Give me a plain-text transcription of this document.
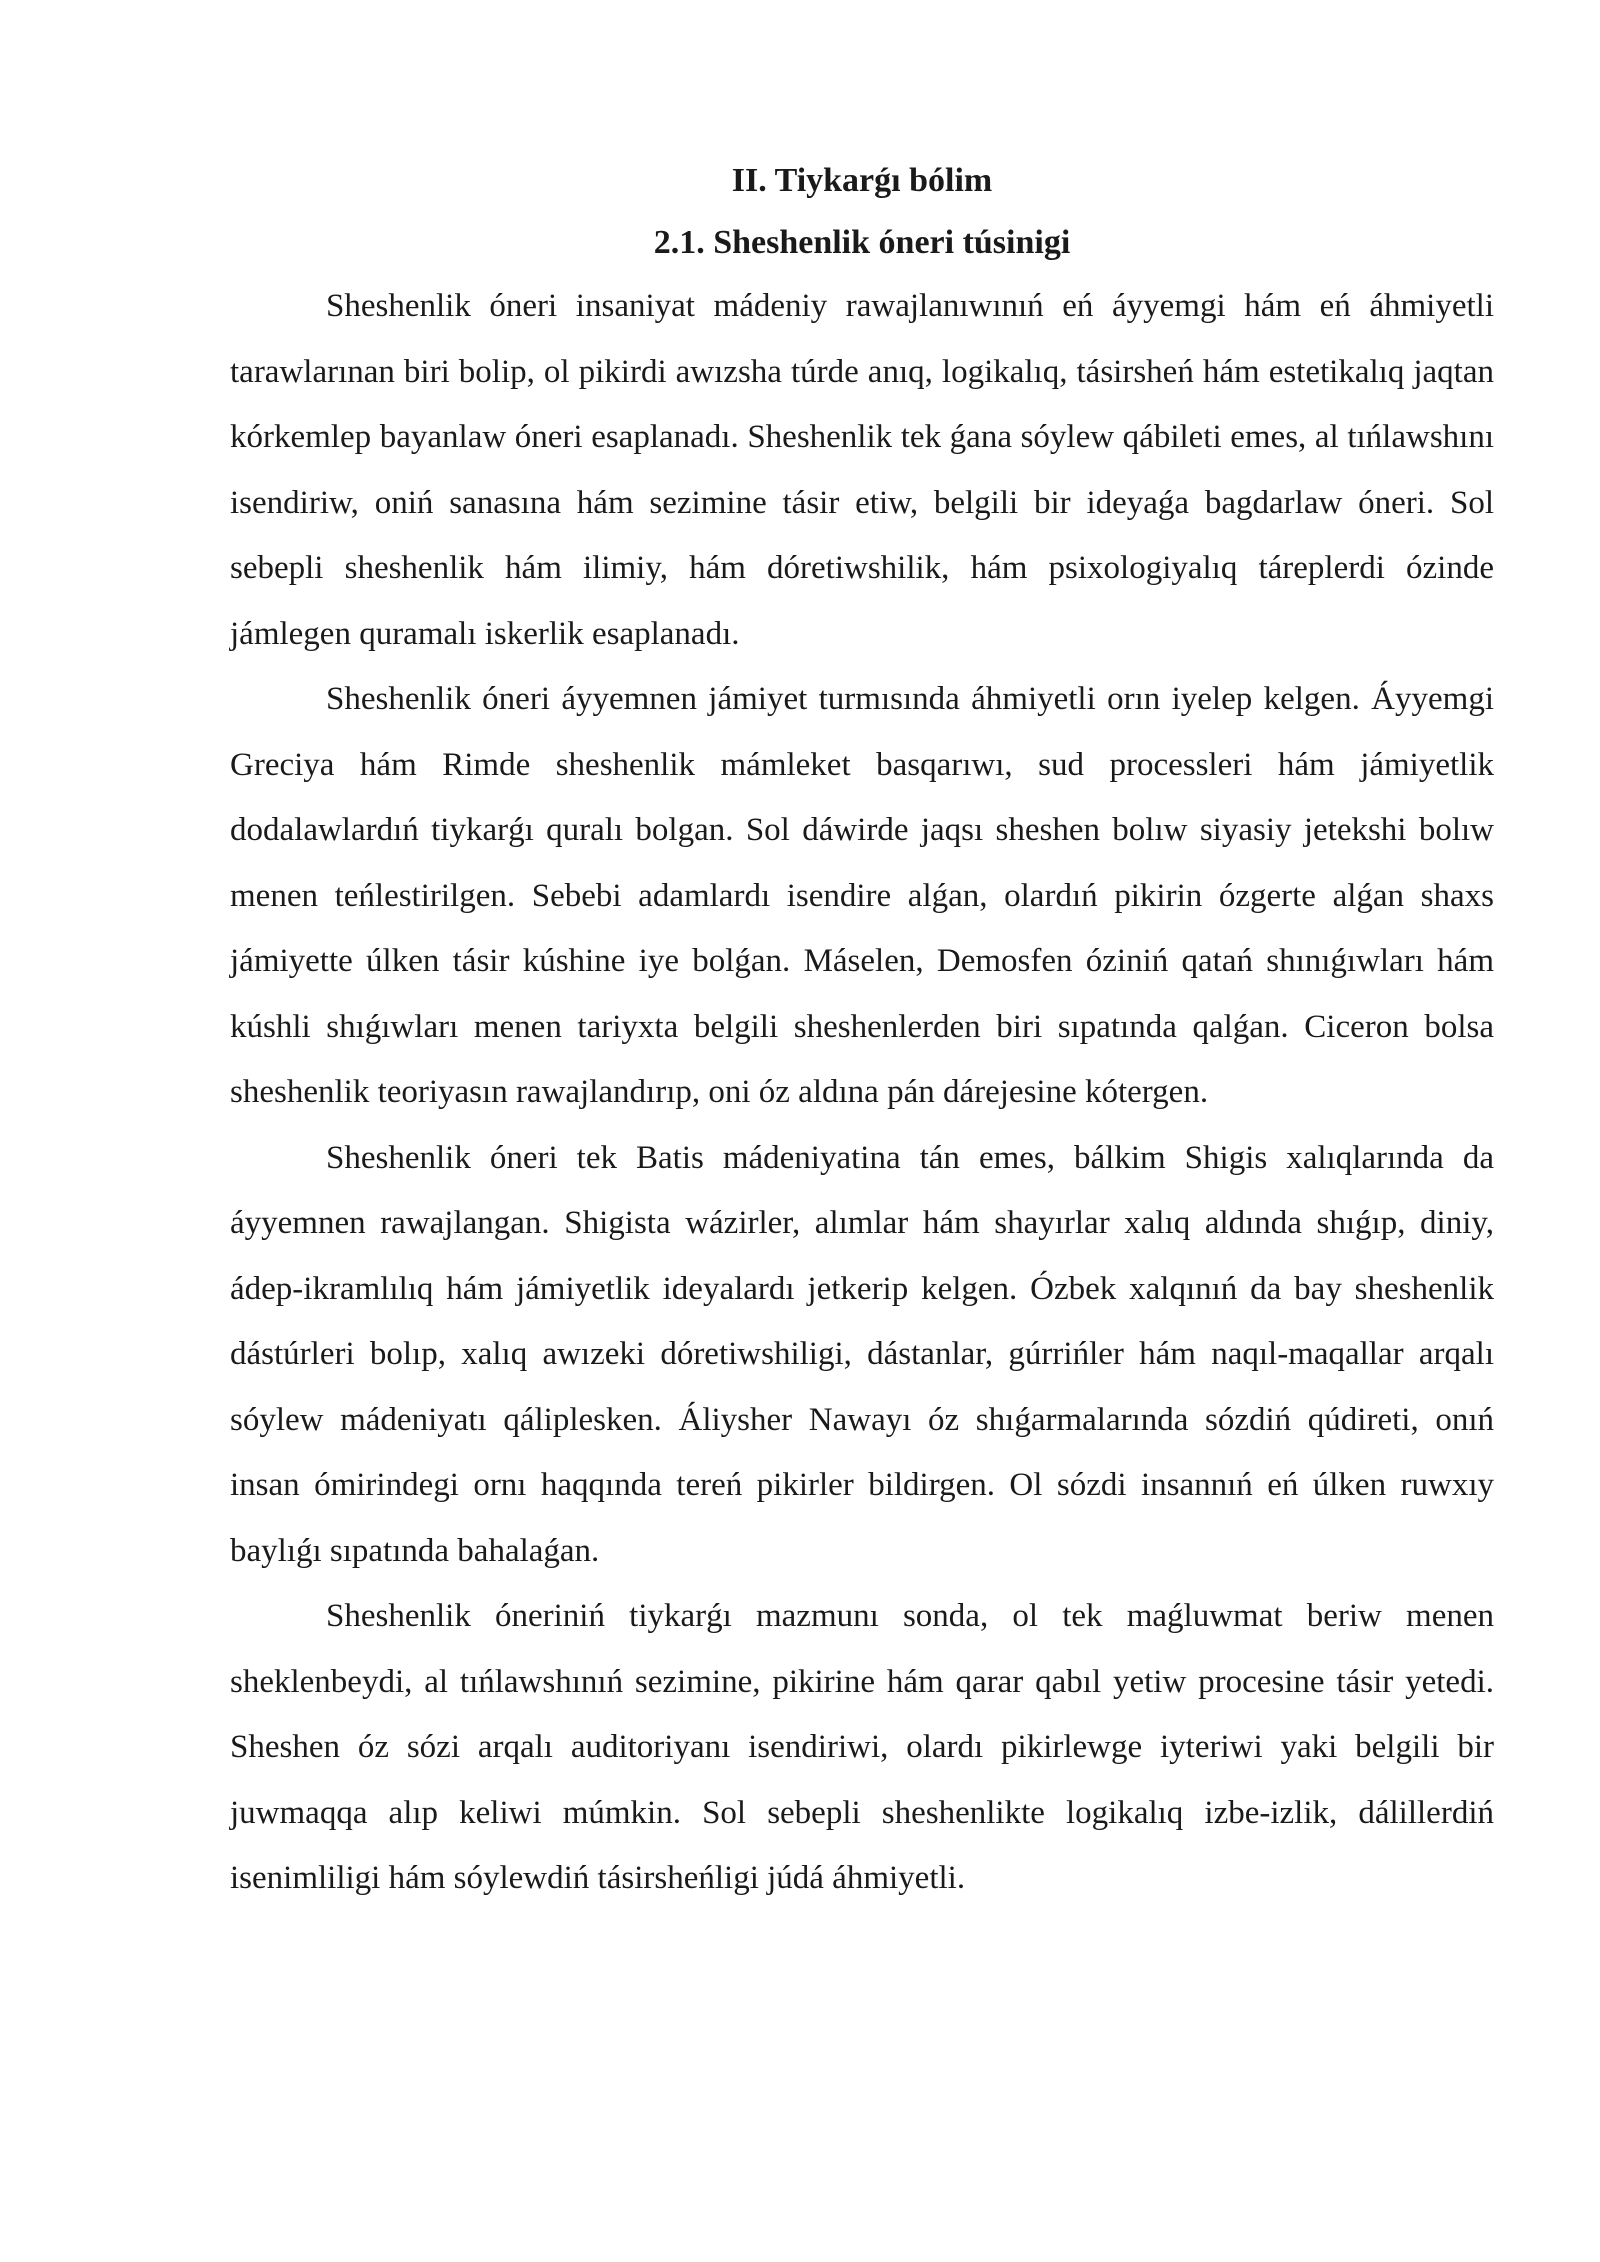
II. Tiykarǵı bólim
2.1. Sheshenlik óneri túsinigi

Sheshenlik óneri insaniyat mádeniy rawajlanıwınıń eń áyyemgi hám eń áhmiyetli tarawlarınan biri bolip, ol pikirdi awızsha túrde anıq, logikalıq, tásirsheń hám estetikalıq jaqtan kórkemlep bayanlaw óneri esaplanadı. Sheshenlik tek ǵana sóylew qábileti emes, al tıńlawshını isendiriw, oniń sanasına hám sezimine tásir etiw, belgili bir ideyaǵa bagdarlaw óneri. Sol sebepli sheshenlik hám ilimiy, hám dóretiwshilik, hám psixologiyalıq táreplerdi ózinde jámlegen quramalı iskerlik esaplanadı.

Sheshenlik óneri áyyemnen jámiyet turmısında áhmiyetli orın iyelep kelgen. Áyyemgi Greciya hám Rimde sheshenlik mámleket basqarıwı, sud processleri hám jámiyetlik dodalawlardıń tiykarǵı quralı bolgan. Sol dáwirde jaqsı sheshen bolıw siyasiy jetekshi bolıw menen teńlestirilgen. Sebebi adamlardı isendire alǵan, olardıń pikirin ózgerte alǵan shaxs jámiyette úlken tásir kúshine iye bolǵan. Máselen, Demosfen óziniń qatań shınıǵıwları hám kúshli shıǵıwları menen tariyxta belgili sheshenlerden biri sıpatında qalǵan. Ciceron bolsa sheshenlik teoriyasın rawajlandırıp, oni óz aldına pán dárejesine kótergen.

Sheshenlik óneri tek Batis mádeniyatina tán emes, bálkim Shigis xalıqlarında da áyyemnen rawajlangan. Shigista wázirler, alımlar hám shayırlar xalıq aldında shıǵıp, diniy, ádep-ikramlılıq hám jámiyetlik ideyalardı jetkerip kelgen. Ózbek xalqınıń da bay sheshenlik dástúrleri bolıp, xalıq awızeki dóretiwshiligi, dástanlar, gúrrińler hám naqıl-maqallar arqalı sóylew mádeniyatı qáliplesken. Áliysher Nawayı óz shıǵarmalarında sózdiń qúdireti, onıń insan ómirindegi ornı haqqında tereń pikirler bildirgen. Ol sózdi insannıń eń úlken ruwxıy baylıǵı sıpatında bahalaǵan.

Sheshenlik óneriniń tiykarǵı mazmunı sonda, ol tek maǵluwmat beriw menen sheklenbeydi, al tıńlawshınıń sezimine, pikirine hám qarar qabıl yetiw procesine tásir yetedi. Sheshen óz sózi arqalı auditoriyanı isendiriwi, olardı pikirlewge iyteriwi yaki belgili bir juwmaqqa alıp keliwi múmkin. Sol sebepli sheshenlikte logikalıq izbe-izlik, dálillerdiń isenimliligi hám sóylewdiń tásirsheńligi júdá áhmiyetli.
